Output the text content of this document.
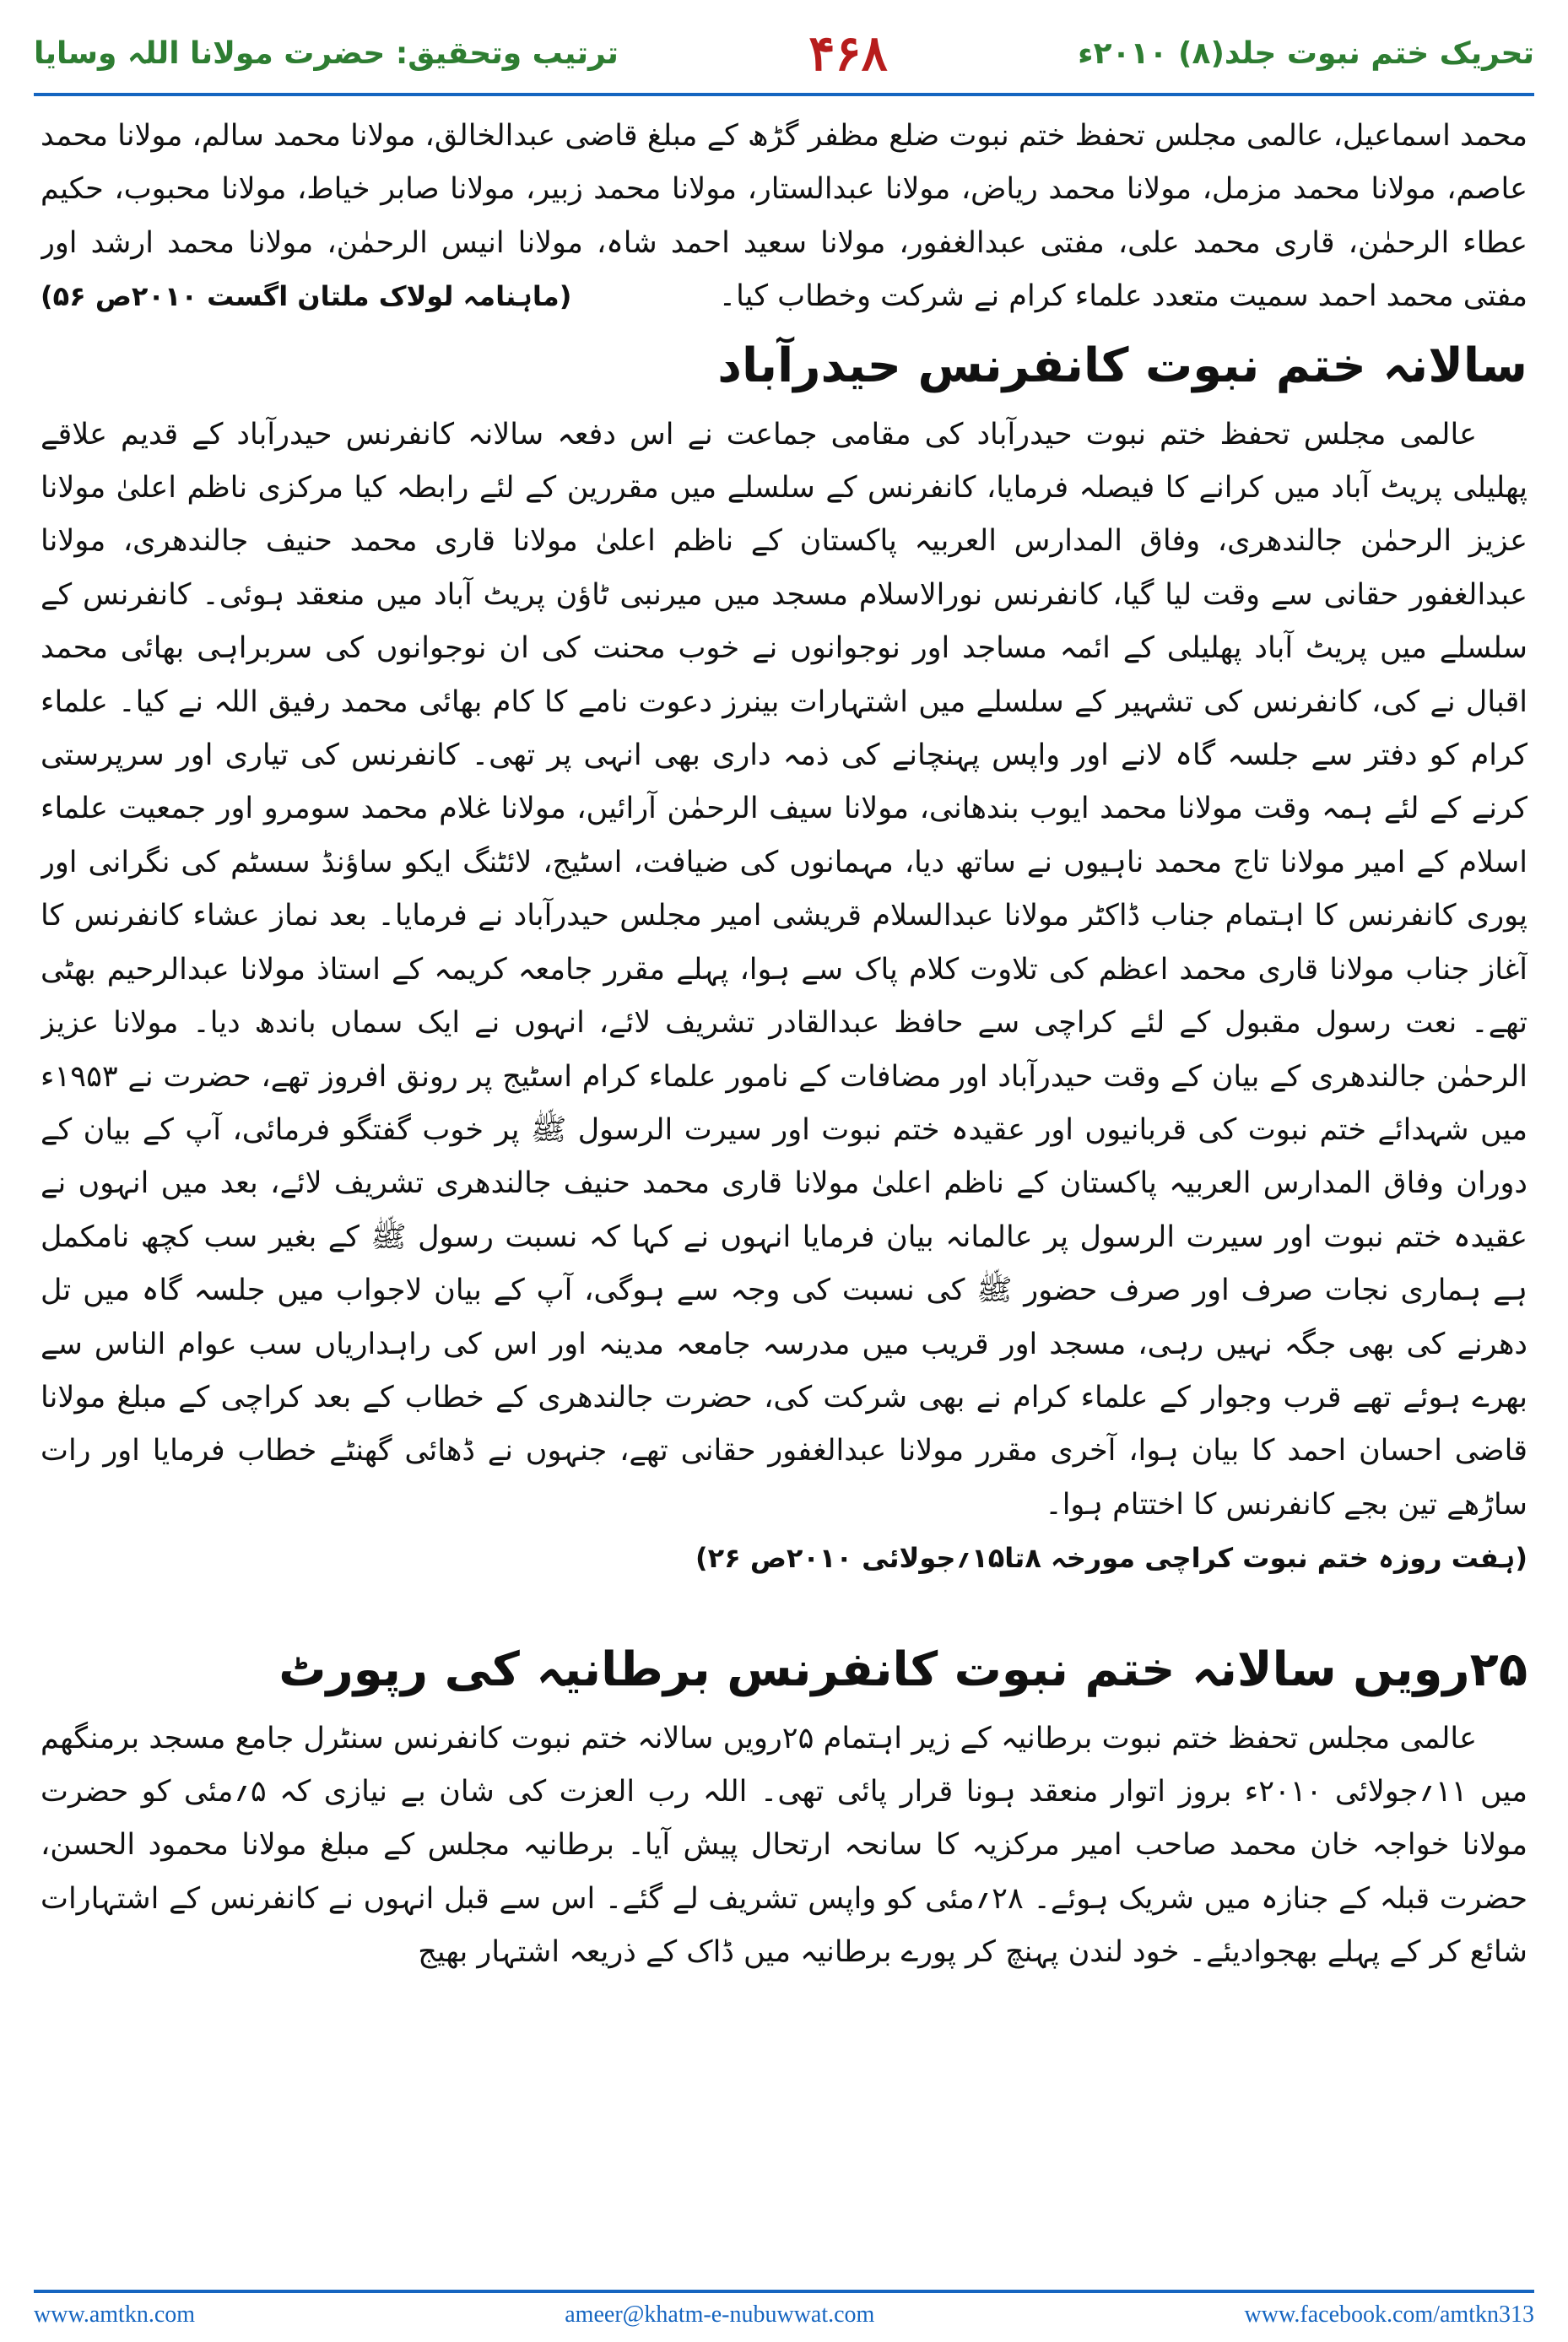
تحریک ختم نبوت جلد(۸) ۲۰۱۰ء
۴۶۸
ترتیب وتحقیق: حضرت مولانا اللہ وسایا

محمد اسماعیل، عالمی مجلس تحفظ ختم نبوت ضلع مظفر گڑھ کے مبلغ قاضی عبدالخالق، مولانا محمد سالم، مولانا محمد عاصم، مولانا محمد مزمل، مولانا محمد ریاض، مولانا عبدالستار، مولانا محمد زبیر، مولانا صابر خیاط، مولانا محبوب، حکیم عطاء الرحمٰن، قاری محمد علی، مفتی عبدالغفور، مولانا سعید احمد شاہ، مولانا انیس الرحمٰن، مولانا محمد ارشد اور مفتی محمد احمد سمیت متعدد علماء کرام نے شرکت وخطاب کیا۔
(ماہنامہ لولاک ملتان اگست ۲۰۱۰ص ۵۶)

سالانہ ختم نبوت کانفرنس حیدرآباد

عالمی مجلس تحفظ ختم نبوت حیدرآباد کی مقامی جماعت نے اس دفعہ سالانہ کانفرنس حیدرآباد کے قدیم علاقے پھلیلی پریٹ آباد میں کرانے کا فیصلہ فرمایا، کانفرنس کے سلسلے میں مقررین کے لئے رابطہ کیا مرکزی ناظم اعلیٰ مولانا عزیز الرحمٰن جالندھری، وفاق المدارس العربیہ پاکستان کے ناظم اعلیٰ مولانا قاری محمد حنیف جالندھری، مولانا عبدالغفور حقانی سے وقت لیا گیا، کانفرنس نورالاسلام مسجد میں میرنبی ٹاؤن پریٹ آباد میں منعقد ہوئی۔ کانفرنس کے سلسلے میں پریٹ آباد پھلیلی کے ائمہ مساجد اور نوجوانوں نے خوب محنت کی ان نوجوانوں کی سربراہی بھائی محمد اقبال نے کی، کانفرنس کی تشہیر کے سلسلے میں اشتہارات بینرز دعوت نامے کا کام بھائی محمد رفیق اللہ نے کیا۔ علماء کرام کو دفتر سے جلسہ گاہ لانے اور واپس پہنچانے کی ذمہ داری بھی انہی پر تھی۔ کانفرنس کی تیاری اور سرپرستی کرنے کے لئے ہمہ وقت مولانا محمد ایوب بندھانی، مولانا سیف الرحمٰن آرائیں، مولانا غلام محمد سومرو اور جمعیت علماء اسلام کے امیر مولانا تاج محمد ناہیوں نے ساتھ دیا، مہمانوں کی ضیافت، اسٹیج، لائٹنگ ایکو ساؤنڈ سسٹم کی نگرانی اور پوری کانفرنس کا اہتمام جناب ڈاکٹر مولانا عبدالسلام قریشی امیر مجلس حیدرآباد نے فرمایا۔ بعد نماز عشاء کانفرنس کا آغاز جناب مولانا قاری محمد اعظم کی تلاوت کلام پاک سے ہوا، پہلے مقرر جامعہ کریمہ کے استاذ مولانا عبدالرحیم بھٹی تھے۔ نعت رسول مقبول کے لئے کراچی سے حافظ عبدالقادر تشریف لائے، انہوں نے ایک سماں باندھ دیا۔ مولانا عزیز الرحمٰن جالندھری کے بیان کے وقت حیدرآباد اور مضافات کے نامور علماء کرام اسٹیج پر رونق افروز تھے، حضرت نے ۱۹۵۳ء میں شہدائے ختم نبوت کی قربانیوں اور عقیدہ ختم نبوت اور سیرت الرسول ﷺ پر خوب گفتگو فرمائی، آپ کے بیان کے دوران وفاق المدارس العربیہ پاکستان کے ناظم اعلیٰ مولانا قاری محمد حنیف جالندھری تشریف لائے، بعد میں انہوں نے عقیدہ ختم نبوت اور سیرت الرسول پر عالمانہ بیان فرمایا انہوں نے کہا کہ نسبت رسول ﷺ کے بغیر سب کچھ نامکمل ہے ہماری نجات صرف اور صرف حضور ﷺ کی نسبت کی وجہ سے ہوگی، آپ کے بیان لاجواب میں جلسہ گاہ میں تل دھرنے کی بھی جگہ نہیں رہی، مسجد اور قریب میں مدرسہ جامعہ مدینہ اور اس کی راہداریاں سب عوام الناس سے بھرے ہوئے تھے قرب وجوار کے علماء کرام نے بھی شرکت کی، حضرت جالندھری کے خطاب کے بعد کراچی کے مبلغ مولانا قاضی احسان احمد کا بیان ہوا، آخری مقرر مولانا عبدالغفور حقانی تھے، جنہوں نے ڈھائی گھنٹے خطاب فرمایا اور رات ساڑھے تین بجے کانفرنس کا اختتام ہوا۔

(ہفت روزہ ختم نبوت کراچی مورخہ ۸تا۱۵؍جولائی ۲۰۱۰ص ۲۶)

۲۵رویں سالانہ ختم نبوت کانفرنس برطانیہ کی رپورٹ

عالمی مجلس تحفظ ختم نبوت برطانیہ کے زیر اہتمام ۲۵رویں سالانہ ختم نبوت کانفرنس سنٹرل جامع مسجد برمنگھم میں ۱۱؍جولائی ۲۰۱۰ء بروز اتوار منعقد ہونا قرار پائی تھی۔ اللہ رب العزت کی شان بے نیازی کہ ۵؍مئی کو حضرت مولانا خواجہ خان محمد صاحب امیر مرکزیہ کا سانحہ ارتحال پیش آیا۔ برطانیہ مجلس کے مبلغ مولانا محمود الحسن، حضرت قبلہ کے جنازہ میں شریک ہوئے۔ ۲۸؍مئی کو واپس تشریف لے گئے۔ اس سے قبل انہوں نے کانفرنس کے اشتہارات شائع کر کے پہلے بھجوادیئے۔ خود لندن پہنچ کر پورے برطانیہ میں ڈاک کے ذریعہ اشتہار بھیج

www.amtkn.com	ameer@khatm-e-nubuwwat.com	www.facebook.com/amtkn313
